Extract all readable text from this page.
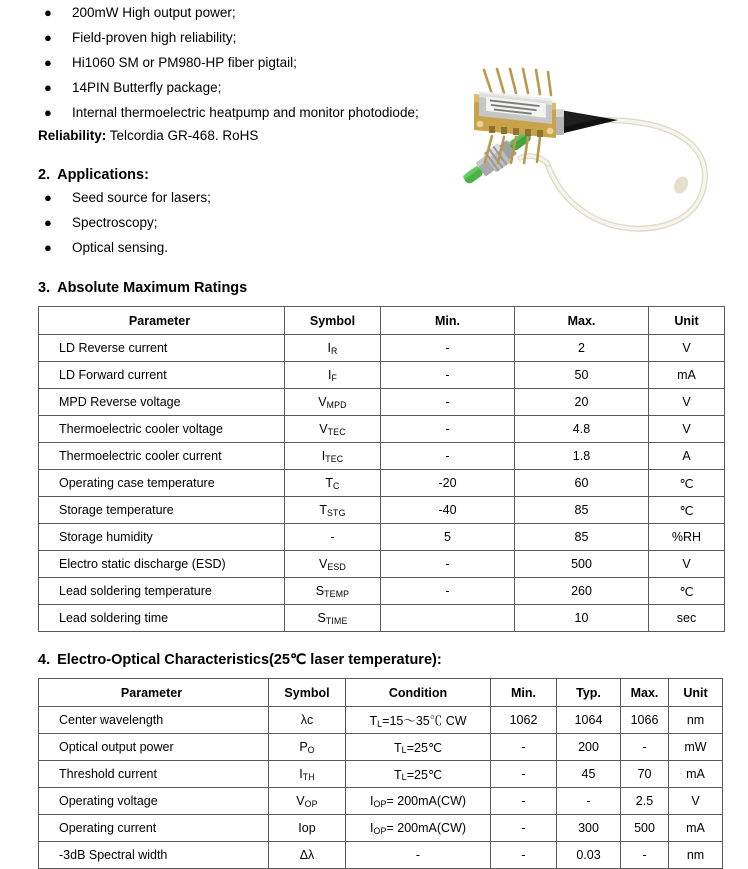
●	200mW High output power;
●	Field-proven high reliability;
●	Hi1060 SM or PM980-HP fiber pigtail;
●	14PIN Butterfly package;
●	Internal thermoelectric heatpump and monitor photodiode;
Reliability: Telcordia GR-468. RoHS
2. Applications:
●	Seed source for lasers;
●	Spectroscopy;
●	Optical sensing.
3. Absolute Maximum Ratings
Parameter	Symbol	Min.	Max.	Unit
LD Reverse current	$I_R$	-	2	V
LD Forward current	$I_F$	-	50	mA
MPD Reverse voltage	$V_{MPD}$	-	20	V
Thermoelectric cooler voltage	$V_{TEC}$	-	4.8	V
Thermoelectric cooler current	$I_{TEC}$	-	1.8	A
Operating case temperature	$T_C$	-20	60	℃
Storage temperature	$T_{STG}$	-40	85	℃
Storage humidity	-	5	85	%RH
Electro static discharge (ESD)	$V_{ESD}$	-	500	V
Lead soldering temperature	$S_{TEMP}$	-	260	℃
Lead soldering time	$S_{TIME}$		10	sec
4. Electro-Optical Characteristics(25℃ laser temperature):
Parameter	Symbol	Condition	Min.	Typ.	Max.	Unit
Center wavelength	λc	$T_L=15\sim 35℃$ CW	1062	1064	1066	nm
Optical output power	$P_O$	$T_L=25℃$	-	200	-	mW
Threshold current	$I_{TH}$	$T_L=25℃$	-	45	70	mA
Operating voltage	$V_{OP}$	$I_{OP}= 200mA(CW)$	-	-	2.5	V
Operating current	Iop	$I_{OP}= 200mA(CW)$	-	300	500	mA
-3dB Spectral width	Δλ	-	-	0.03	-	nm
